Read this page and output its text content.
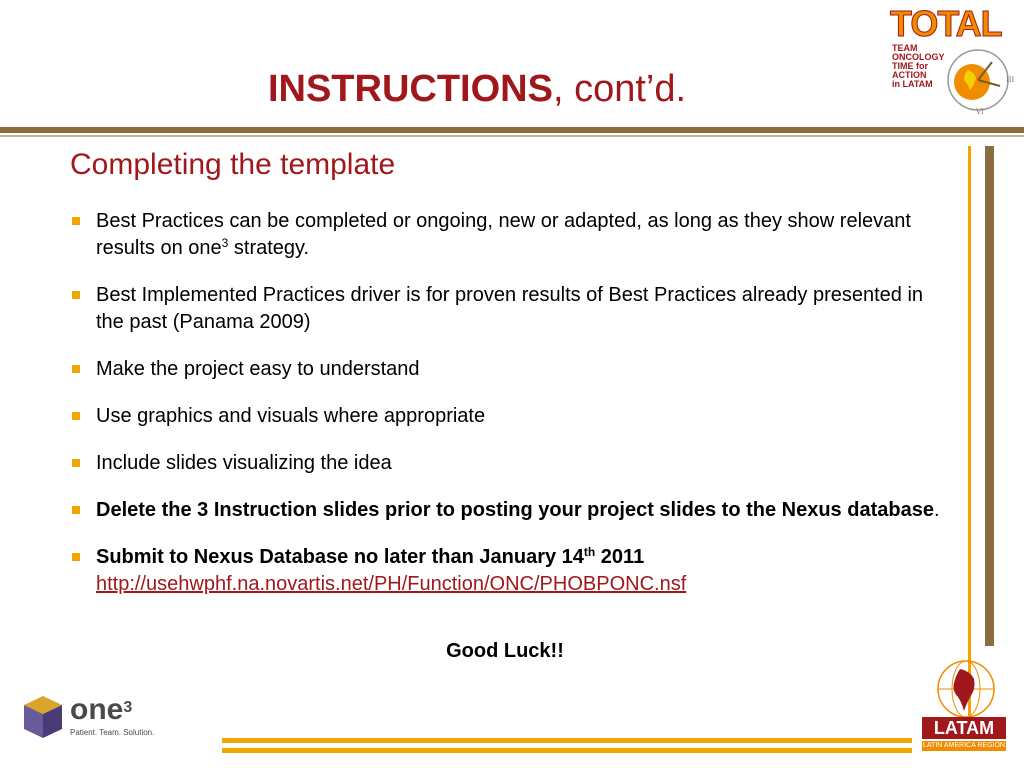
INSTRUCTIONS, cont’d.
TOTAL
TEAM ONCOLOGY
TIME for ACTION
in LATAM	III
VI
Completing the template
Best Practices can be completed or ongoing, new or adapted, as long as they show relevant results on one$^3$ strategy.
Best Implemented Practices driver is for proven results of Best Practices already presented in the past (Panama 2009)
Make the project easy to understand
Use graphics and visuals where appropriate
Include slides visualizing the idea
Delete the 3 Instruction slides prior to posting your project slides to the Nexus database.
Submit to Nexus Database no later than January 14th 2011
http://usehwphf.na.novartis.net/PH/Function/ONC/PHOBPONC.nsf
Good Luck!!
one$^3$
Patient. Team. Solution.	LATAM
LATIN AMERICA REGION
